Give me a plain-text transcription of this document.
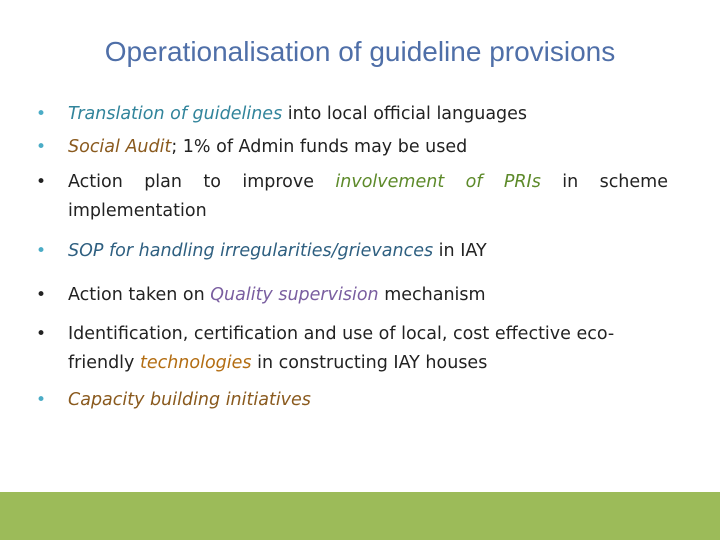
Operationalisation of guideline provisions
•	Translation of guidelines into local official languages
•	Social Audit; 1% of Admin funds may be used
•	Action plan to improve involvement of PRIs in scheme implementation
•	SOP for handling irregularities/grievances in IAY
•	Action taken on Quality supervision mechanism
•	Identification, certification and use of local, cost effective eco-friendly technologies in constructing IAY houses
•	Capacity building initiatives
